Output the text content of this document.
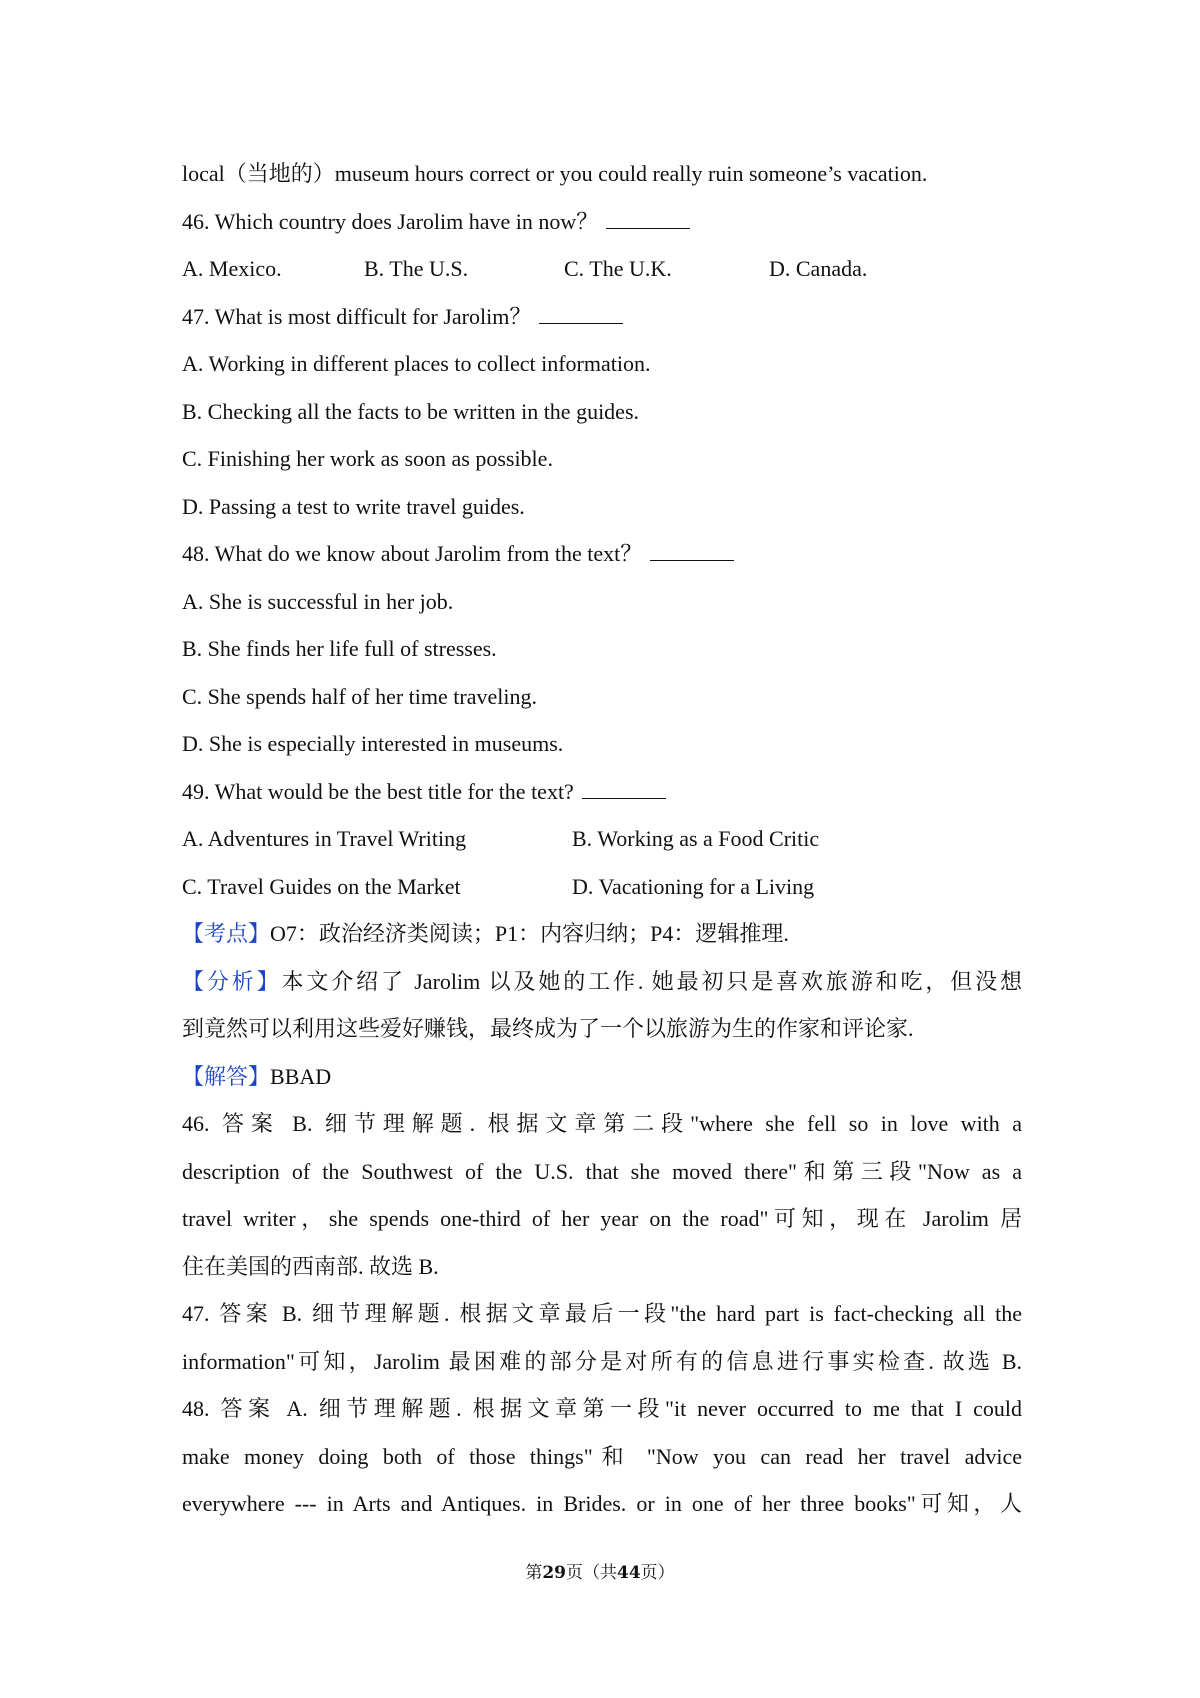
local（当地的）museum hours correct or you could really ruin someone’s vacation.
46. Which country does Jarolim have in now？
A. Mexico.	B. The U.S.	C. The U.K.	D. Canada.
47. What is most difficult for Jarolim？
A. Working in different places to collect information.
B. Checking all the facts to be written in the guides.
C. Finishing her work as soon as possible.
D. Passing a test to write travel guides.
48. What do we know about Jarolim from the text？
A. She is successful in her job.
B. She finds her life full of stresses.
C. She spends half of her time traveling.
D. She is especially interested in museums.
49. What would be the best title for the text?
A. Adventures in Travel Writing	B. Working as a Food Critic
C. Travel Guides on the Market	D. Vacationing for a Living
【考点】O7：政治经济类阅读；P1：内容归纳；P4：逻辑推理.
【分析】本文介绍了 Jarolim 以及她的工作. 她最初只是喜欢旅游和吃，但没想
到竟然可以利用这些爱好赚钱，最终成为了一个以旅游为生的作家和评论家.
【解答】BBAD
46. 答案 B. 细节理解题. 根据文章第二段"where she fell so in love with a
description of the Southwest of the U.S. that she moved there"和第三段"Now as a
travel writer，she spends one-third of her year on the road"可知，现在 Jarolim 居
住在美国的西南部. 故选 B.
47. 答案 B. 细节理解题. 根据文章最后一段"the hard part is fact-checking all the
information"可知，Jarolim 最困难的部分是对所有的信息进行事实检查. 故选 B.
48. 答案 A. 细节理解题. 根据文章第一段"it never occurred to me that I could
make money doing both of those things"和 "Now you can read her travel advice
everywhere --- in Arts and Antiques. in Brides. or in one of her three books"可知，人
第29页（共44页）
